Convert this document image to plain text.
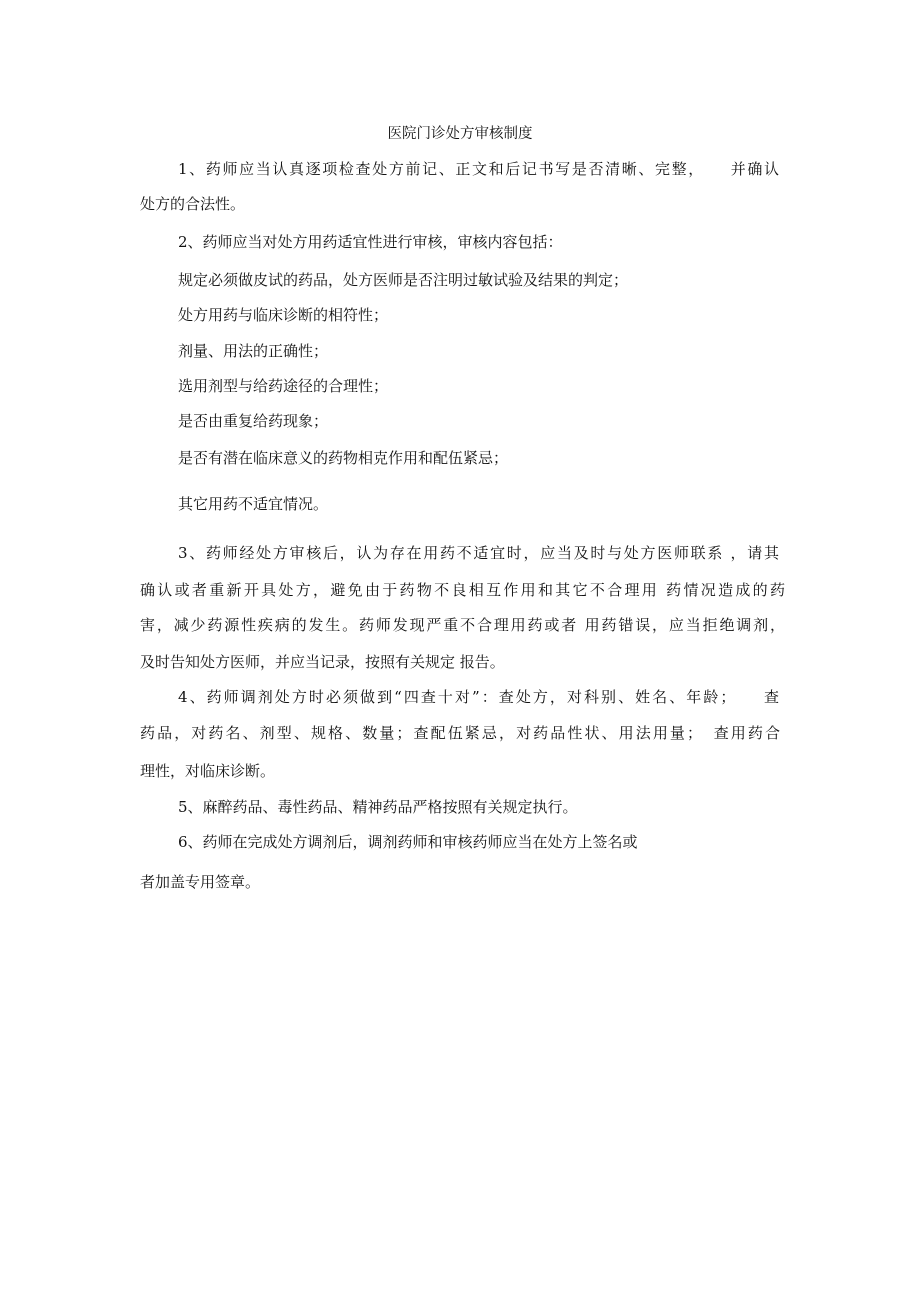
医院门诊处方审核制度
1、药师应当认真逐项检查处方前记、正文和后记书写是否清晰、完整，　　并确认
处方的合法性。
2、药师应当对处方用药适宜性进行审核，审核内容包括：
规定必须做皮试的药品，处方医师是否注明过敏试验及结果的判定；
处方用药与临床诊断的相符性；
剂量、用法的正确性；
选用剂型与给药途径的合理性；
是否由重复给药现象；
是否有潜在临床意义的药物相克作用和配伍紧忌；
其它用药不适宜情况。
3、药师经处方审核后，认为存在用药不适宜时，应当及时与处方医师联系 ，请其
确认或者重新开具处方，避免由于药物不良相互作用和其它不合理用 药情况造成的药
害，减少药源性疾病的发生。药师发现严重不合理用药或者 用药错误，应当拒绝调剂，
及时告知处方医师，并应当记录，按照有关规定 报告。
4、药师调剂处方时必须做到“四查十对”：查处方，对科别、姓名、年龄；　　查
药品，对药名、剂型、规格、数量；查配伍紧忌，对药品性状、用法用量；　查用药合
理性，对临床诊断。
5、麻醉药品、毒性药品、精神药品严格按照有关规定执行。
6、药师在完成处方调剂后，调剂药师和审核药师应当在处方上签名或
者加盖专用签章。
